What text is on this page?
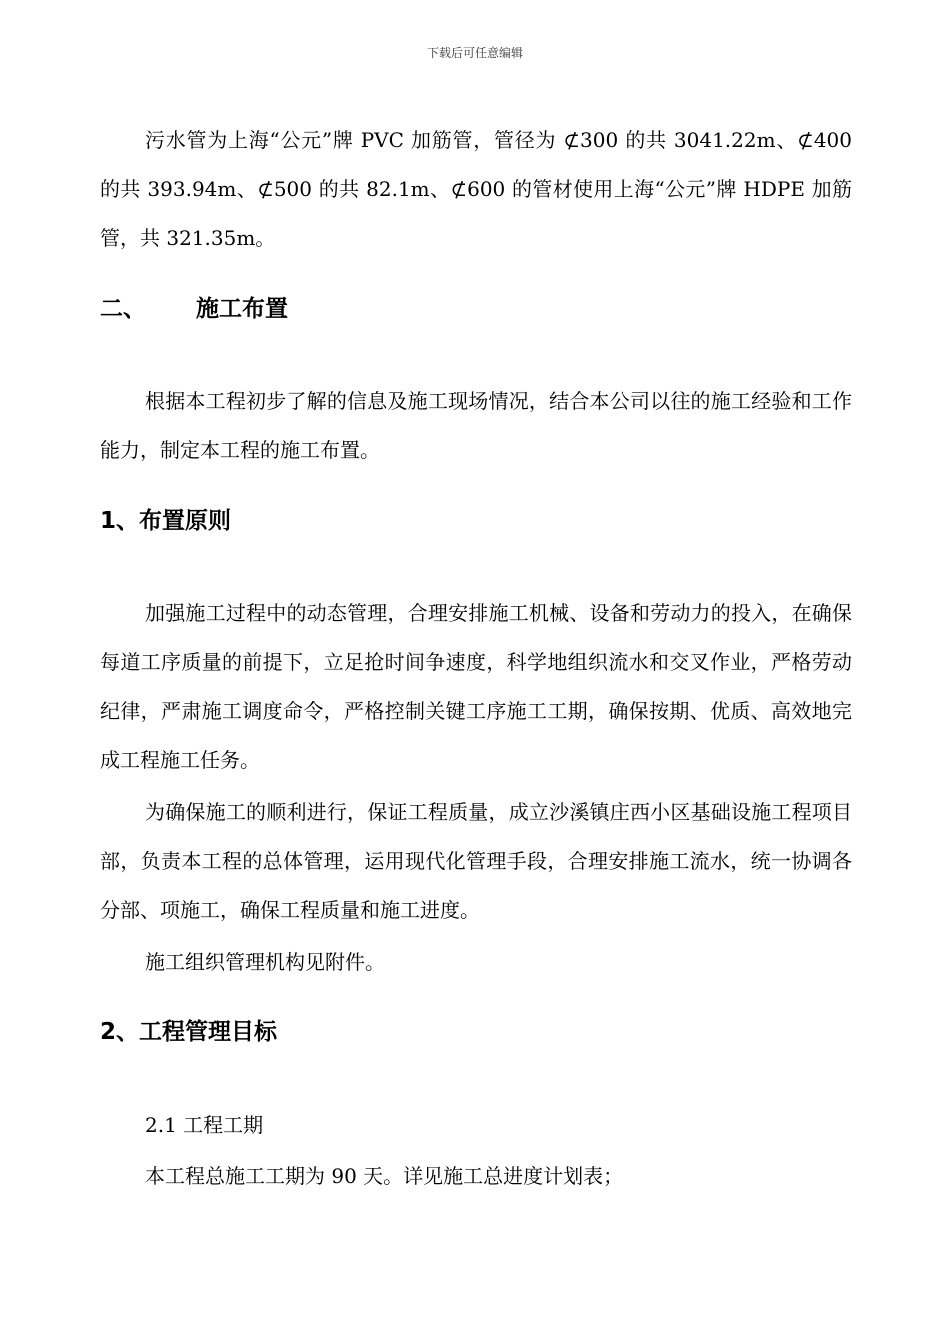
下载后可任意编辑

污水管为上海“公元”牌 PVC 加筋管，管径为 ⊄300 的共 3041.22m、⊄400 的共 393.94m、⊄500 的共 82.1m、⊄600 的管材使用上海“公元”牌 HDPE 加筋管，共 321.35m。

二、 施工布置

根据本工程初步了解的信息及施工现场情况，结合本公司以往的施工经验和工作能力，制定本工程的施工布置。

1、布置原则

加强施工过程中的动态管理，合理安排施工机械、设备和劳动力的投入，在确保每道工序质量的前提下，立足抢时间争速度，科学地组织流水和交叉作业，严格劳动纪律，严肃施工调度命令，严格控制关键工序施工工期，确保按期、优质、高效地完成工程施工任务。

为确保施工的顺利进行，保证工程质量，成立沙溪镇庄西小区基础设施工程项目部，负责本工程的总体管理，运用现代化管理手段，合理安排施工流水，统一协调各分部、项施工，确保工程质量和施工进度。

施工组织管理机构见附件。

2、工程管理目标

2.1 工程工期

本工程总施工工期为 90 天。详见施工总进度计划表；
